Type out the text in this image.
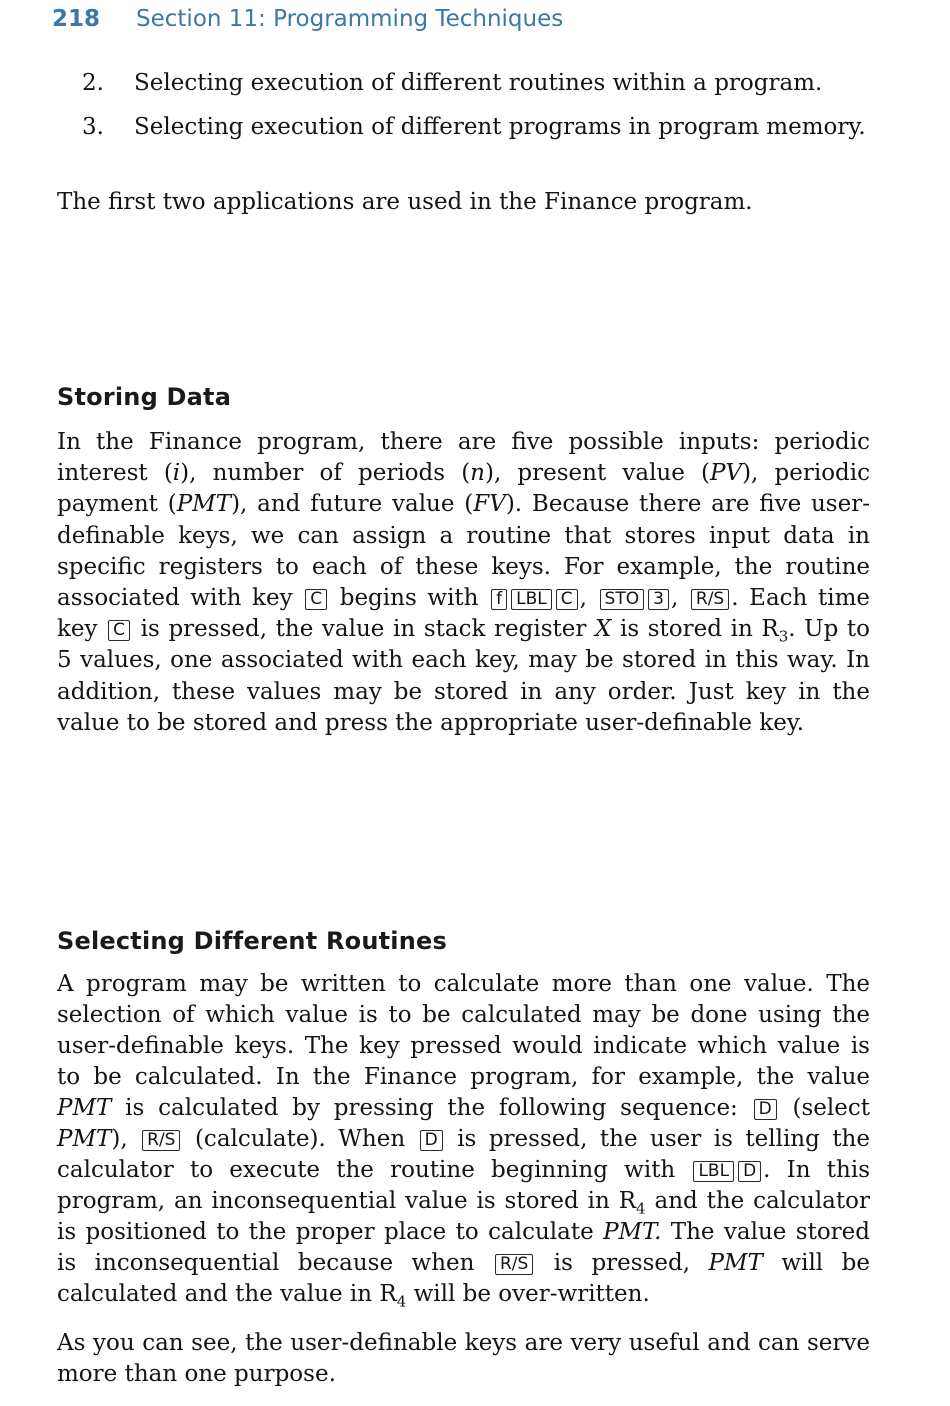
218 Section 11: Programming Techniques
2. Selecting execution of different routines within a program.
3. Selecting execution of different programs in program memory.

The first two applications are used in the Finance program.

Storing Data

In the Finance program, there are five possible inputs: periodic interest (i), number of periods (n), present value (PV), periodic payment (PMT), and future value (FV). Because there are five user-definable keys, we can assign a routine that stores input data in specific registers to each of these keys. For example, the routine associated with key C begins with f LBL C , STO 3 , R/S . Each time key C is pressed, the value in stack register X is stored in $R_3$. Up to 5 values, one associated with each key, may be stored in this way. In addition, these values may be stored in any order. Just key in the value to be stored and press the appropriate user-definable key.

Selecting Different Routines

A program may be written to calculate more than one value. The selection of which value is to be calculated may be done using the user-definable keys. The key pressed would indicate which value is to be calculated. In the Finance program, for example, the value PMT is calculated by pressing the following sequence: D (select PMT), R/S (calculate). When D is pressed, the user is telling the calculator to execute the routine beginning with LBL D . In this program, an inconsequential value is stored in $R_4$ and the calculator is positioned to the proper place to calculate PMT. The value stored is inconsequential because when R/S is pressed, PMT will be calculated and the value in $R_4$ will be over-written.

As you can see, the user-definable keys are very useful and can serve more than one purpose.
